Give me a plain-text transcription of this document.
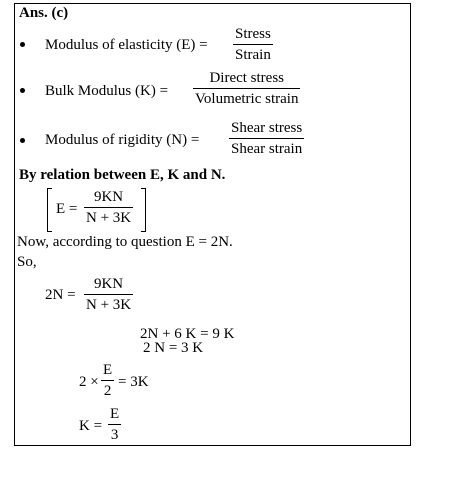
Ans. (c)
Modulus of elasticity (E) =
Stress
Strain
Bulk Modulus (K) =
Direct stress
Volumetric strain
Modulus of rigidity (N) =
Shear stress
Shear strain
By relation between E, K and N.
$E = \frac{9KN}{N + 3K}$
Now, according to question E = 2N.
So,
$2N = \frac{9KN}{N + 3K}$
2N + 6 K = 9 K
2 N = 3 K
$2 \times \frac{E}{2} = 3K$
$K = \frac{E}{3}$
